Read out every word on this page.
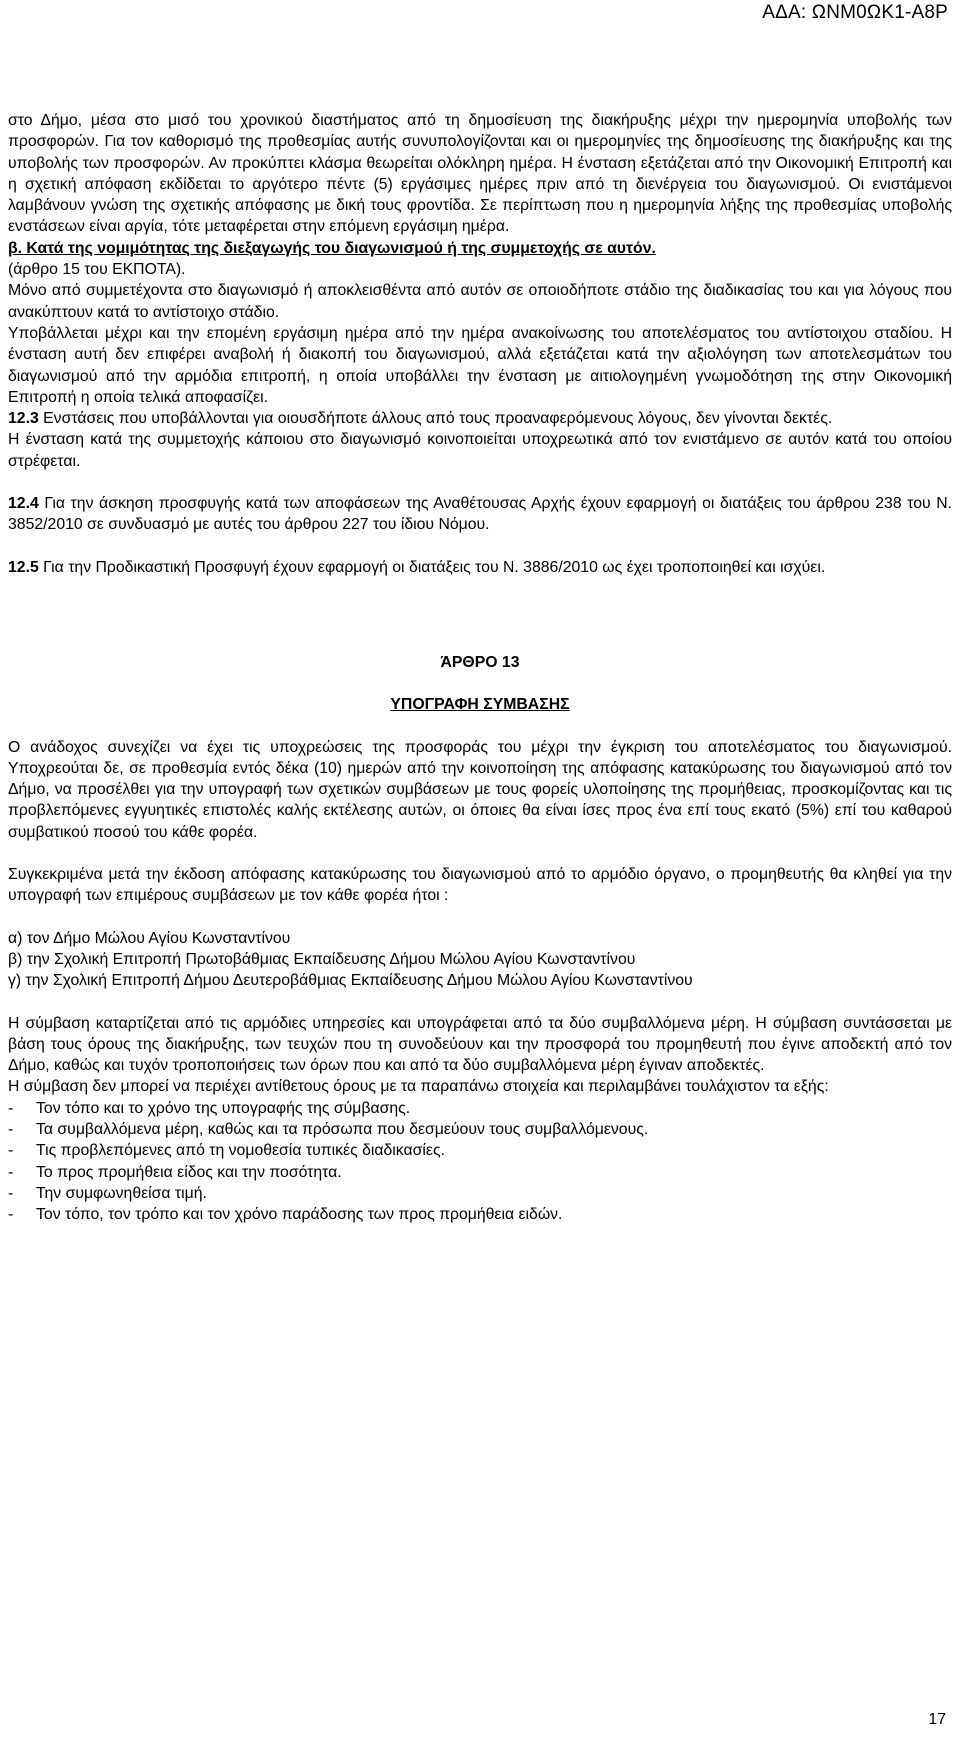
ΑΔΑ: ΩΝΜ0ΩΚ1-Α8Ρ

στο Δήμο, μέσα στο μισό του χρονικού διαστήματος από τη δημοσίευση της διακήρυξης μέχρι την ημερομηνία υποβολής των προσφορών. Για τον καθορισμό της προθεσμίας αυτής συνυπολογίζονται και οι ημερομηνίες της δημοσίευσης της διακήρυξης και της υποβολής των προσφορών. Αν προκύπτει κλάσμα θεωρείται ολόκληρη ημέρα. Η ένσταση εξετάζεται από την Οικονομική Επιτροπή και η σχετική απόφαση εκδίδεται το αργότερο πέντε (5) εργάσιμες ημέρες πριν από τη διενέργεια του διαγωνισμού. Οι ενιστάμενοι λαμβάνουν γνώση της σχετικής απόφασης με δική τους φροντίδα. Σε περίπτωση που η ημερομηνία λήξης της προθεσμίας υποβολής ενστάσεων είναι αργία, τότε μεταφέρεται στην επόμενη εργάσιμη ημέρα.

β. Κατά της νομιμότητας της διεξαγωγής του διαγωνισμού ή της συμμετοχής σε αυτόν.

(άρθρο 15 του ΕΚΠΟΤΑ).

Μόνο από συμμετέχοντα στο διαγωνισμό ή αποκλεισθέντα από αυτόν σε οποιοδήποτε στάδιο της διαδικασίας του και για λόγους που ανακύπτουν κατά το αντίστοιχο στάδιο.

Υποβάλλεται μέχρι και την επομένη εργάσιμη ημέρα από την ημέρα ανακοίνωσης του αποτελέσματος του αντίστοιχου σταδίου. Η ένσταση αυτή δεν επιφέρει αναβολή ή διακοπή του διαγωνισμού, αλλά εξετάζεται κατά την αξιολόγηση των αποτελεσμάτων του διαγωνισμού από την αρμόδια επιτροπή, η οποία υποβάλλει την ένσταση με αιτιολογημένη γνωμοδότηση της στην Οικονομική Επιτροπή η οποία τελικά αποφασίζει.

12.3 Ενστάσεις που υποβάλλονται για οιουσδήποτε άλλους από τους προαναφερόμενους λόγους, δεν γίνονται δεκτές.

Η ένσταση κατά της συμμετοχής κάποιου στο διαγωνισμό κοινοποιείται υποχρεωτικά από τον ενιστάμενο σε αυτόν κατά του οποίου στρέφεται.

12.4 Για την άσκηση προσφυγής κατά των αποφάσεων της Αναθέτουσας Αρχής έχουν εφαρμογή οι διατάξεις του άρθρου 238 του Ν. 3852/2010 σε συνδυασμό με αυτές του άρθρου 227 του ίδιου Νόμου.

12.5 Για την Προδικαστική Προσφυγή έχουν εφαρμογή οι διατάξεις του Ν. 3886/2010 ως έχει τροποποιηθεί και ισχύει.

ΆΡΘΡΟ 13

ΥΠΟΓΡΑΦΗ ΣΥΜΒΑΣΗΣ

Ο ανάδοχος συνεχίζει να έχει τις υποχρεώσεις της προσφοράς του μέχρι την έγκριση του αποτελέσματος του διαγωνισμού. Υποχρεούται δε, σε προθεσμία εντός δέκα (10) ημερών από την κοινοποίηση της απόφασης κατακύρωσης του διαγωνισμού από τον Δήμο, να προσέλθει για την υπογραφή των σχετικών συμβάσεων με τους φορείς υλοποίησης της προμήθειας, προσκομίζοντας και τις προβλεπόμενες εγγυητικές επιστολές καλής εκτέλεσης αυτών, οι όποιες θα είναι ίσες προς ένα επί τους εκατό (5%) επί του καθαρού συμβατικού ποσού του κάθε φορέα.

Συγκεκριμένα μετά την έκδοση απόφασης κατακύρωσης του διαγωνισμού από το αρμόδιο όργανο, ο προμηθευτής θα κληθεί για την υπογραφή των επιμέρους συμβάσεων με τον κάθε φορέα ήτοι :

α) τον Δήμο Μώλου Αγίου Κωνσταντίνου

β) την Σχολική Επιτροπή Πρωτοβάθμιας Εκπαίδευσης Δήμου Μώλου Αγίου Κωνσταντίνου

γ) την Σχολική Επιτροπή Δήμου Δευτεροβάθμιας Εκπαίδευσης Δήμου Μώλου Αγίου Κωνσταντίνου

Η σύμβαση καταρτίζεται από τις αρμόδιες υπηρεσίες και υπογράφεται από τα δύο συμβαλλόμενα μέρη. Η σύμβαση συντάσσεται με βάση τους όρους της διακήρυξης, των τευχών που τη συνοδεύουν και την προσφορά του προμηθευτή που έγινε αποδεκτή από τον Δήμο, καθώς και τυχόν τροποποιήσεις των όρων που και από τα δύο συμβαλλόμενα μέρη έγιναν αποδεκτές.

Η σύμβαση δεν μπορεί να περιέχει αντίθετους όρους με τα παραπάνω στοιχεία και περιλαμβάνει τουλάχιστον τα εξής:

-	Τον τόπο και το χρόνο της υπογραφής της σύμβασης.
-	Τα συμβαλλόμενα μέρη, καθώς και τα πρόσωπα που δεσμεύουν τους συμβαλλόμενους.
-	Τις προβλεπόμενες από τη νομοθεσία τυπικές διαδικασίες.
-	Το προς προμήθεια είδος και την ποσότητα.
-	Την συμφωνηθείσα τιμή.
-	Τον τόπο, τον τρόπο και τον χρόνο παράδοσης των προς προμήθεια ειδών.
17
